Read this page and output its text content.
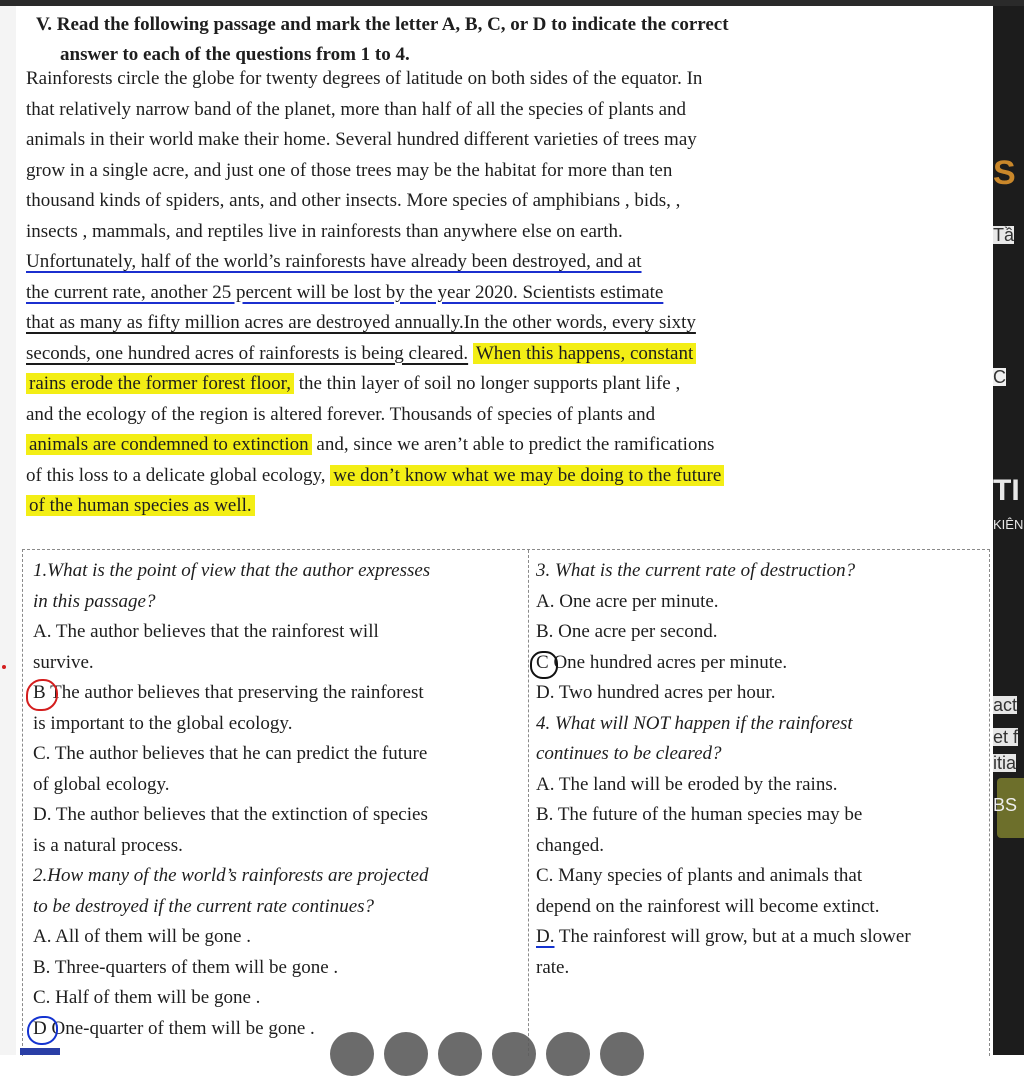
V. Read the following passage and mark the letter A, B, C, or D to indicate the correct
answer to each of the questions from 1 to 4.
Rainforests circle the globe for twenty degrees of latitude on both sides of the equator. In
that relatively narrow band of the planet, more than half of all the species of plants and
animals in their world make their home. Several hundred different varieties of trees may
grow in a single acre, and just one of those trees may be the habitat for more than ten
thousand kinds of spiders, ants, and other insects. More species of amphibians , bids, ,
insects , mammals, and reptiles live in rainforests than anywhere else on earth.
Unfortunately, half of the world’s rainforests have already been destroyed, and at
the current rate, another 25 percent will be lost by the year 2020. Scientists estimate
that as many as fifty million acres are destroyed annually.In the other words, every sixty
seconds, one hundred acres of rainforests is being cleared. When this happens, constant
rains erode the former forest floor, the thin layer of soil no longer supports plant life ,
and the ecology of the region is altered forever. Thousands of species of plants and
animals are condemned to extinction and, since we aren’t able to predict the ramifications
of this loss to a delicate global ecology, we don’t know what we may be doing to the future
of the human species as well.
1.What is the point of view that the author expresses
in this passage?
A. The author believes that the rainforest will
survive.
B The author believes that preserving the rainforest
is important to the global ecology.
C. The author believes that he can predict the future
of global ecology.
D. The author believes that the extinction of species
is a natural process.
2.How many of the world’s rainforests are projected
to be destroyed if the current rate continues?
A. All of them will be gone .
B. Three-quarters of them will be gone .
C. Half of them will be gone .
D One-quarter of them will be gone .
3. What is the current rate of destruction?
A. One acre per minute.
B. One acre per second.
C One hundred acres per minute.
D. Two hundred acres per hour.
4. What will NOT happen if the rainforest
continues to be cleared?
A. The land will be eroded by the rains.
B. The future of the human species may be
changed.
C. Many species of plants and animals that
depend on the rainforest will become extinct.
D. The rainforest will grow, but at a much slower
rate.
S
Tầ
C
TI
KIÊN
act
et f
itia
BS
